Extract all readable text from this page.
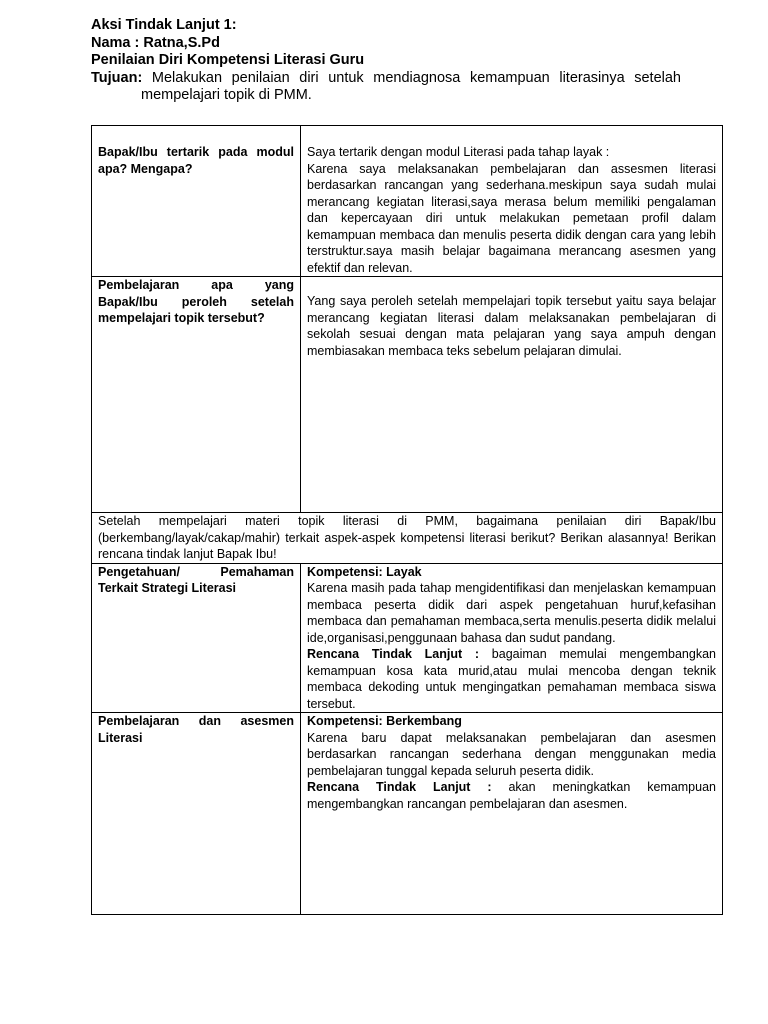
Aksi Tindak Lanjut 1:
Nama : Ratna,S.Pd
Penilaian Diri Kompetensi Literasi Guru
Tujuan: Melakukan penilaian diri untuk mendiagnosa kemampuan literasinya setelah mempelajari topik di PMM.

Bapak/Ibu tertarik pada modul apa? Mengapa?	Saya tertarik dengan modul Literasi pada tahap layak :

Karena saya melaksanakan pembelajaran dan assesmen literasi berdasarkan rancangan yang sederhana.meskipun saya sudah mulai merancang kegiatan literasi,saya merasa belum memiliki pengalaman dan kepercayaan diri untuk melakukan pemetaan profil dalam kemampuan membaca dan menulis peserta didik dengan cara yang lebih terstruktur.saya masih belajar bagaimana merancang asesmen yang efektif dan relevan.

Pembelajaran apa yang Bapak/Ibu peroleh setelah mempelajari topik tersebut?	Yang saya peroleh setelah mempelajari topik tersebut yaitu saya belajar merancang kegiatan literasi dalam melaksanakan pembelajaran di sekolah sesuai dengan mata pelajaran yang saya ampuh dengan membiasakan membaca teks sebelum pelajaran dimulai.

Setelah mempelajari materi topik literasi di PMM, bagaimana penilaian diri Bapak/Ibu (berkembang/layak/cakap/mahir) terkait aspek-aspek kompetensi literasi berikut? Berikan alasannya! Berikan rencana tindak lanjut Bapak Ibu!	

Pengetahuan/ Pemahaman Terkait Strategi Literasi	Kompetensi: Layak

Karena masih pada tahap mengidentifikasi dan menjelaskan kemampuan membaca peserta didik dari aspek pengetahuan huruf,kefasihan membaca dan pemahaman membaca,serta menulis.peserta didik melalui ide,organisasi,penggunaan bahasa dan sudut pandang.

Rencana Tindak Lanjut : bagaiman memulai mengembangkan kemampuan kosa kata murid,atau mulai mencoba dengan teknik membaca dekoding untuk mengingatkan pemahaman membaca siswa tersebut.

Pembelajaran dan asesmen Literasi	Kompetensi: Berkembang

Karena baru dapat melaksanakan pembelajaran dan asesmen berdasarkan rancangan sederhana dengan menggunakan media pembelajaran tunggal kepada seluruh peserta didik.

Rencana Tindak Lanjut : akan meningkatkan kemampuan mengembangkan rancangan pembelajaran dan asesmen.
